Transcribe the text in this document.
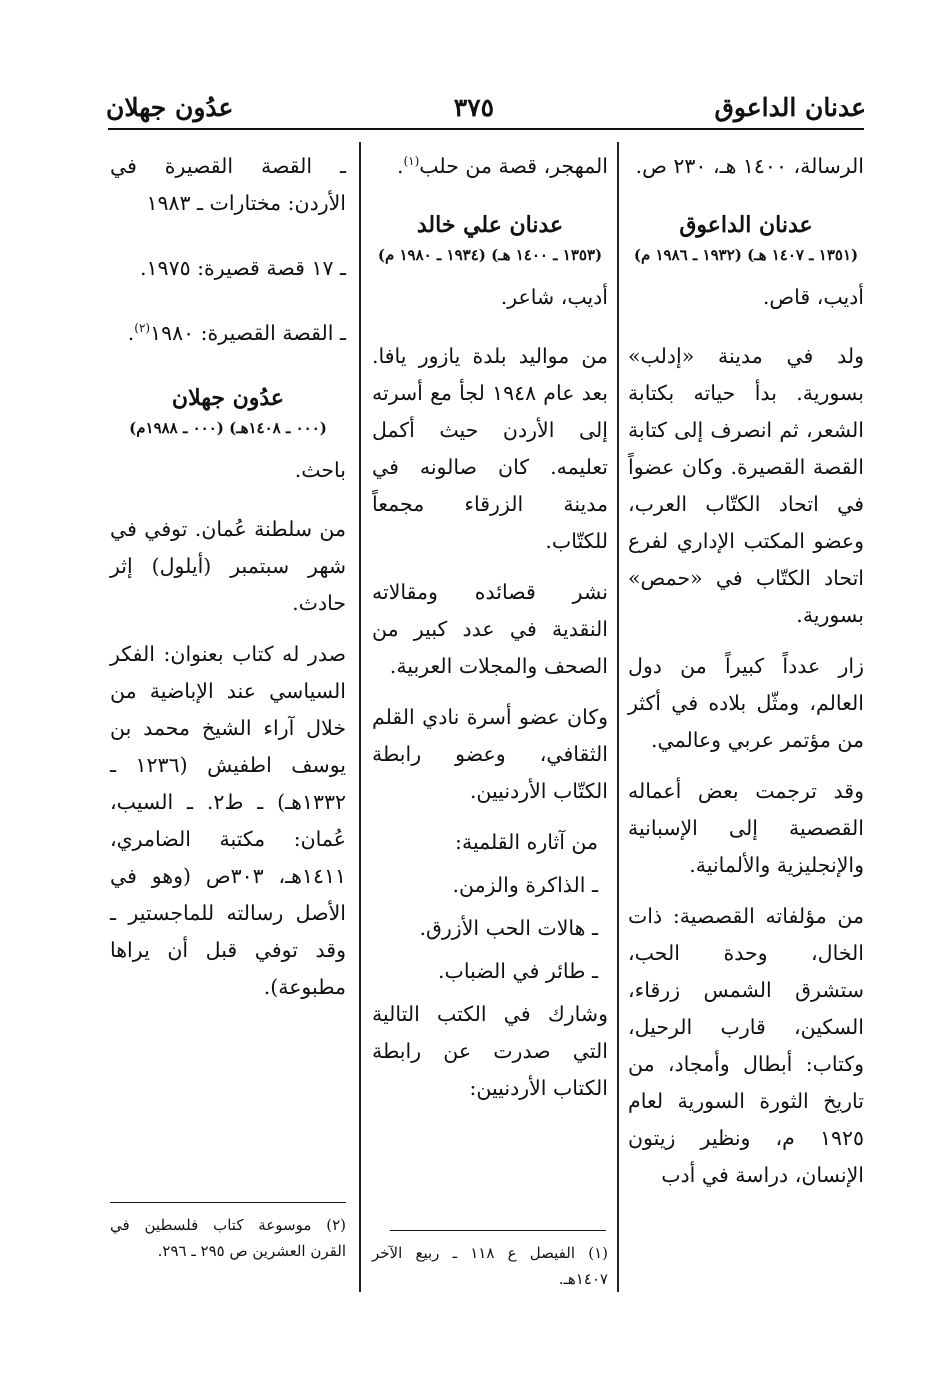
عدنان الداعوق
٣٧٥
عدُون جهلان

الرسالة، ١٤٠٠ هـ، ٢٣٠ ص.

عدنان الداعوق
(١٣٥١ ـ ١٤٠٧ هـ) (١٩٣٢ ـ ١٩٨٦ م)

أديب، قاص.

ولد في مدينة «إدلب» بسورية. بدأ حياته بكتابة الشعر، ثم انصرف إلى كتابة القصة القصيرة. وكان عضواً في اتحاد الكتّاب العرب، وعضو المكتب الإداري لفرع اتحاد الكتّاب في «حمص» بسورية.

زار عدداً كبيراً من دول العالم، ومثّل بلاده في أكثر من مؤتمر عربي وعالمي.

وقد ترجمت بعض أعماله القصصية إلى الإسبانية والإنجليزية والألمانية.

من مؤلفاته القصصية: ذات الخال، وحدة الحب، ستشرق الشمس زرقاء، السكين، قارب الرحيل، وكتاب: أبطال وأمجاد، من تاريخ الثورة السورية لعام ١٩٢٥ م، ونظير زيتون الإنسان، دراسة في أدب

المهجر، قصة من حلب$^{(١)}$.

عدنان علي خالد
(١٣٥٣ ـ ١٤٠٠ هـ) (١٩٣٤ ـ ١٩٨٠ م)

أديب، شاعر.

من مواليد بلدة يازور يافا. بعد عام ١٩٤٨ لجأ مع أسرته إلى الأردن حيث أكمل تعليمه. كان صالونه في مدينة الزرقاء مجمعاً للكتّاب.

نشر قصائده ومقالاته النقدية في عدد كبير من الصحف والمجلات العربية.

وكان عضو أسرة نادي القلم الثقافي، وعضو رابطة الكتّاب الأردنيين.

من آثاره القلمية:

ـ الذاكرة والزمن.

ـ هالات الحب الأزرق.

ـ طائر في الضباب.

وشارك في الكتب التالية التي صدرت عن رابطة الكتاب الأردنيين:

ـ القصة القصيرة في الأردن: مختارات ـ ١٩٨٣

ـ ١٧ قصة قصيرة: ١٩٧٥.

ـ القصة القصيرة: ١٩٨٠$^{(٢)}$.

عدُون جهلان
(٠٠٠ ـ ١٤٠٨هـ) (٠٠٠ ـ ١٩٨٨م)

باحث.

من سلطنة عُمان. توفي في شهر سبتمبر (أيلول) إثر حادث.

صدر له كتاب بعنوان: الفكر السياسي عند الإباضية من خلال آراء الشيخ محمد بن يوسف اطفيش (١٢٣٦ ـ ١٣٣٢هـ) ـ ط٢. ـ السيب، عُمان: مكتبة الضامري، ١٤١١هـ، ٣٠٣ص (وهو في الأصل رسالته للماجستير ـ وقد توفي قبل أن يراها مطبوعة).

(١) الفيصل ع ١١٨ ـ ربيع الآخر ١٤٠٧هـ.
(٢) موسوعة كتاب فلسطين في القرن العشرين ص ٢٩٥ ـ ٢٩٦.
